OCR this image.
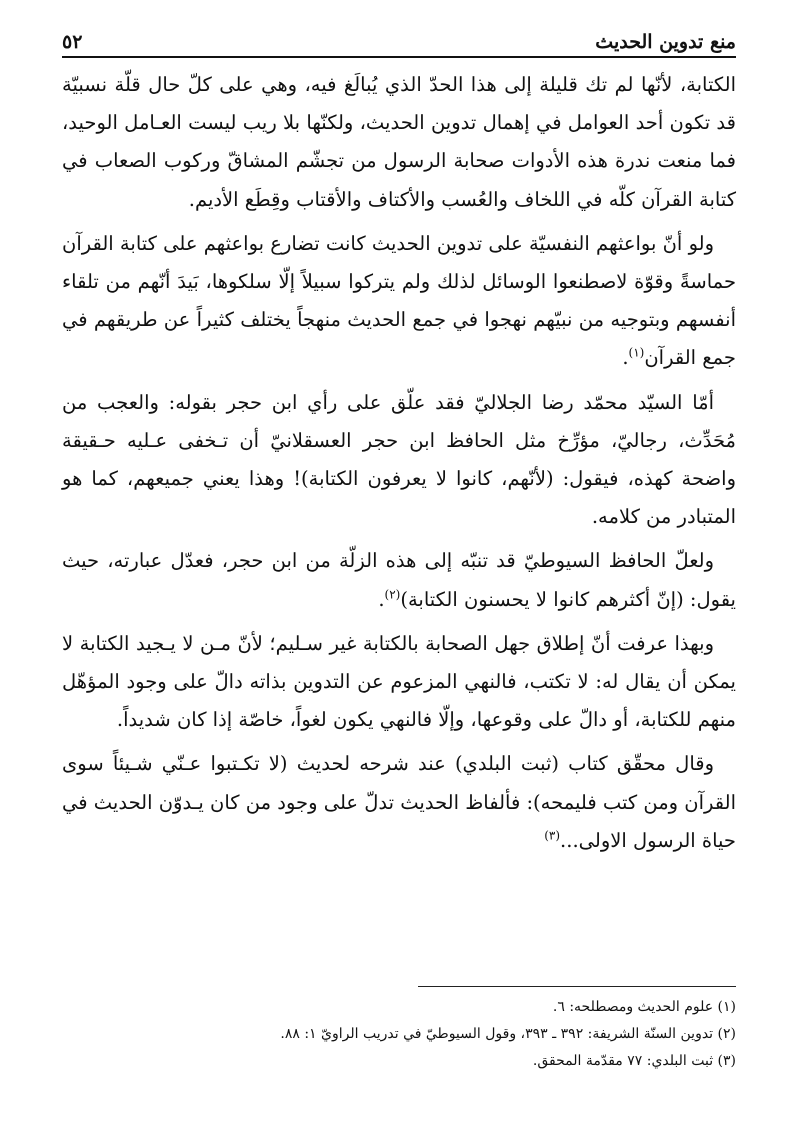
منع تدوين الحديث
٥٢

الكتابة، لأنّها لم تك قليلة إلى هذا الحدّ الذي يُبالَغ فيه، وهي على كلّ حال قلّة نسبيّة قد تكون أحد العوامل في إهمال تدوين الحديث، ولكنّها بلا ريب ليست العـامل الوحيد، فما منعت ندرة هذه الأدوات صحابة الرسول من تجشّم المشاقّ وركوب الصعاب في كتابة القرآن كلّه في اللخاف والعُسب والأكتاف والأقتاب وقِطَع الأديم.

ولو أنّ بواعثهم النفسيّة على تدوين الحديث كانت تضارع بواعثهم على كتابة القرآن حماسةً وقوّة لاصطنعوا الوسائل لذلك ولم يتركوا سبيلاً إلّا سلكوها، بَيدَ أنّهم من تلقاء أنفسهم وبتوجيه من نبيّهم نهجوا في جمع الحديث منهجاً يختلف كثيراً عن طريقهم في جمع القرآن$^{(١)}$.

أمّا السيّد محمّد رضا الجلاليّ فقد علّق على رأي ابن حجر بقوله: والعجب من مُحَدِّث، رجاليّ، مؤرِّخ مثل الحافظ ابن حجر العسقلانيّ أن تـخفى عـليه حـقيقة واضحة كهذه، فيقول: (لأنّهم، كانوا لا يعرفون الكتابة)! وهذا يعني جميعهم، كما هو المتبادر من كلامه.

ولعلّ الحافظ السيوطيّ قد تنبّه إلى هذه الزلّة من ابن حجر، فعدّل عبارته، حيث يقول: (إنّ أكثرهم كانوا لا يحسنون الكتابة)$^{(٢)}$.

وبهذا عرفت أنّ إطلاق جهل الصحابة بالكتابة غير سـليم؛ لأنّ مـن لا يـجيد الكتابة لا يمكن أن يقال له: لا تكتب، فالنهي المزعوم عن التدوين بذاته دالّ على وجود المؤهّل منهم للكتابة، أو دالّ على وقوعها، وإلّا فالنهي يكون لغواً، خاصّة إذا كان شديداً.

وقال محقّق كتاب (ثبت البلدي) عند شرحه لحديث (لا تكـتبوا عـنّي شـيئاً سوى القرآن ومن كتب فليمحه): فألفاظ الحديث تدلّ على وجود من كان يـدوّن الحديث في حياة الرسول الاولى...$^{(٣)}$

(١) علوم الحديث ومصطلحه: ٦.
(٢) تدوين السنّة الشريفة: ٣٩٢ ـ ٣٩٣، وقول السيوطيّ في تدريب الراويّ ١: ٨٨.
(٣) ثبت البلدي: ٧٧ مقدّمة المحقق.
